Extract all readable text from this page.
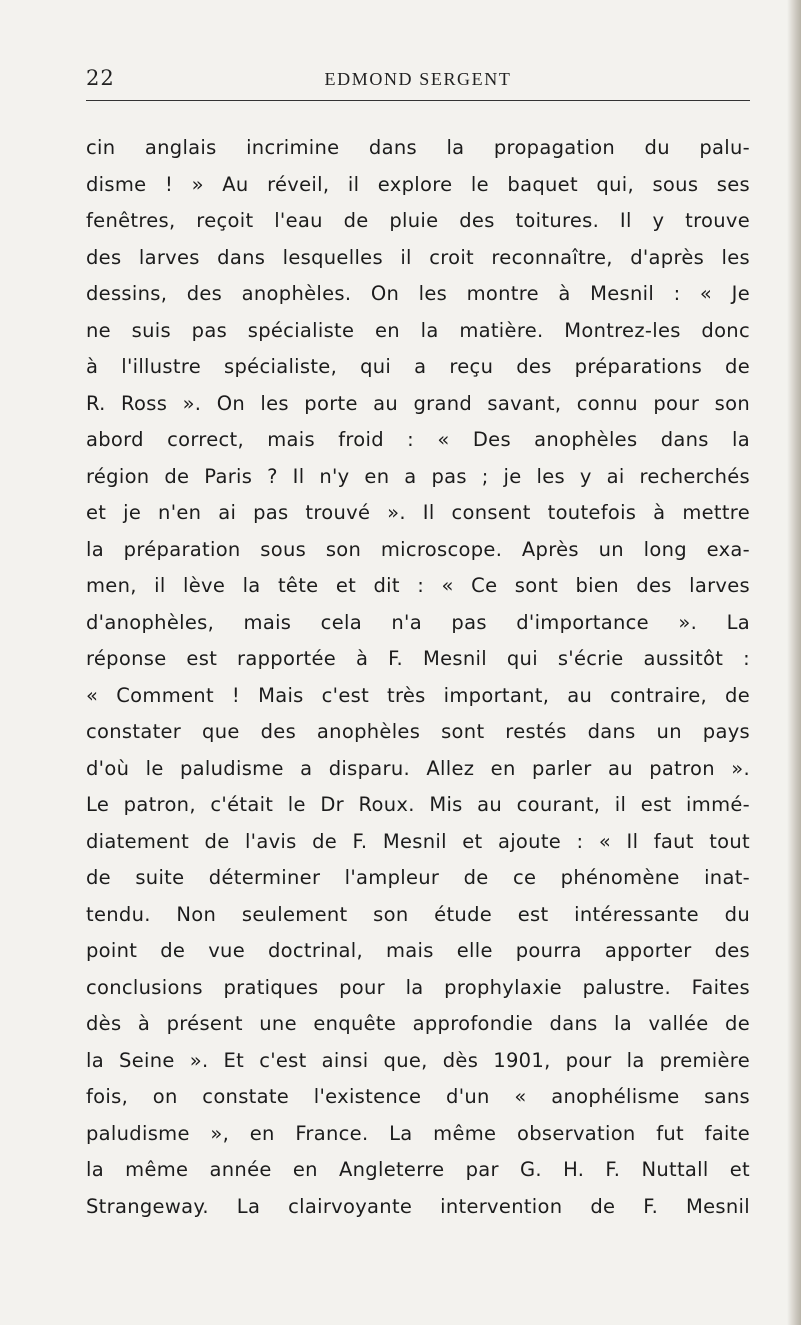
22	EDMOND SERGENT
cin anglais incrimine dans la propagation du palu-
disme ! » Au réveil, il explore le baquet qui, sous ses
fenêtres, reçoit l'eau de pluie des toitures. Il y trouve
des larves dans lesquelles il croit reconnaître, d'après les
dessins, des anophèles. On les montre à Mesnil : « Je
ne suis pas spécialiste en la matière. Montrez-les donc
à l'illustre spécialiste, qui a reçu des préparations de
R. Ross ». On les porte au grand savant, connu pour son
abord correct, mais froid : « Des anophèles dans la
région de Paris ? Il n'y en a pas ; je les y ai recherchés
et je n'en ai pas trouvé ». Il consent toutefois à mettre
la préparation sous son microscope. Après un long exa-
men, il lève la tête et dit : « Ce sont bien des larves
d'anophèles, mais cela n'a pas d'importance ». La
réponse est rapportée à F. Mesnil qui s'écrie aussitôt :
« Comment ! Mais c'est très important, au contraire, de
constater que des anophèles sont restés dans un pays
d'où le paludisme a disparu. Allez en parler au patron ».
Le patron, c'était le Dr Roux. Mis au courant, il est immé-
diatement de l'avis de F. Mesnil et ajoute : « Il faut tout
de suite déterminer l'ampleur de ce phénomène inat-
tendu. Non seulement son étude est intéressante du
point de vue doctrinal, mais elle pourra apporter des
conclusions pratiques pour la prophylaxie palustre. Faites
dès à présent une enquête approfondie dans la vallée de
la Seine ». Et c'est ainsi que, dès 1901, pour la première
fois, on constate l'existence d'un « anophélisme sans
paludisme », en France. La même observation fut faite
la même année en Angleterre par G. H. F. Nuttall et
Strangeway. La clairvoyante intervention de F. Mesnil
